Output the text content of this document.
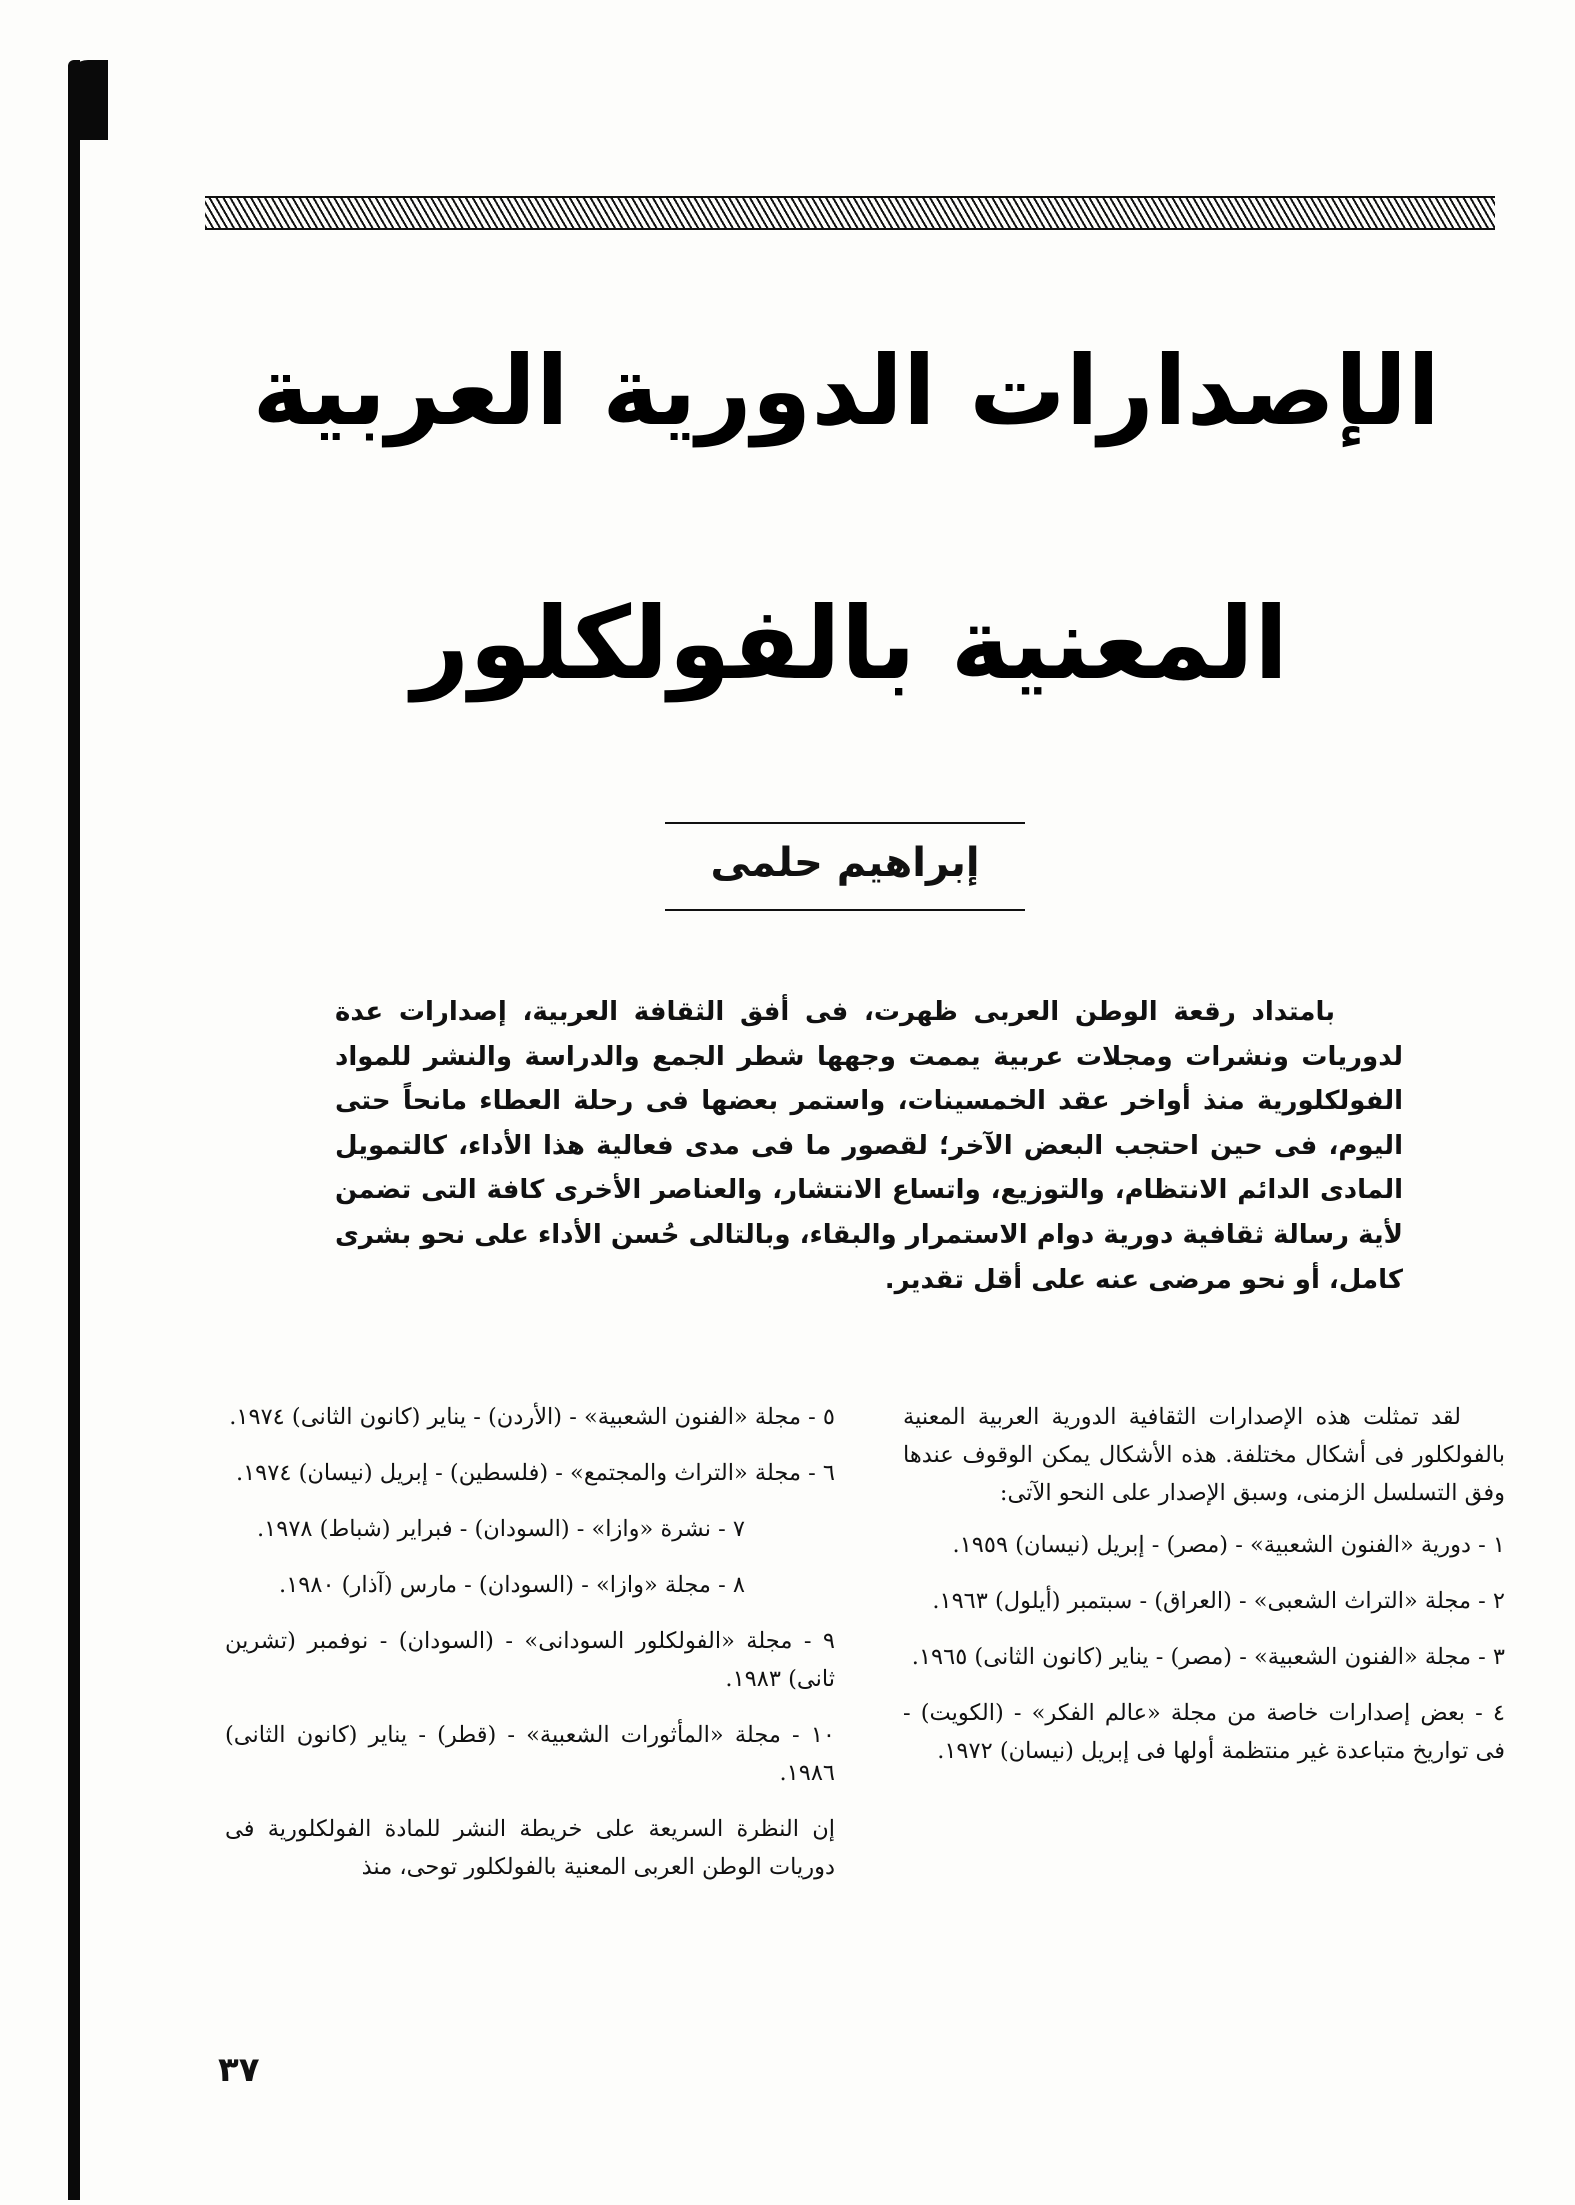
الإصدارات الدورية العربية
المعنية بالفولكلور
إبراهيم حلمى
بامتداد رقعة الوطن العربى ظهرت، فى أفق الثقافة العربية، إصدارات عدة لدوريات ونشرات ومجلات عربية يممت وجهها شطر الجمع والدراسة والنشر للمواد الفولكلورية منذ أواخر عقد الخمسينات، واستمر بعضها فى رحلة العطاء مانحاً حتى اليوم، فى حين احتجب البعض الآخر؛ لقصور ما فى مدى فعالية هذا الأداء، كالتمويل المادى الدائم الانتظام، والتوزيع، واتساع الانتشار، والعناصر الأخرى كافة التى تضمن لأية رسالة ثقافية دورية دوام الاستمرار والبقاء، وبالتالى حُسن الأداء على نحو بشرى كامل، أو نحو مرضى عنه على أقل تقدير.

لقد تمثلت هذه الإصدارات الثقافية الدورية العربية المعنية بالفولكلور فى أشكال مختلفة. هذه الأشكال يمكن الوقوف عندها وفق التسلسل الزمنى، وسبق الإصدار على النحو الآتى:

١ - دورية «الفنون الشعبية» - (مصر) - إبريل (نيسان) ١٩٥٩.

٢ - مجلة «التراث الشعبى» - (العراق) - سبتمبر (أيلول) ١٩٦٣.

٣ - مجلة «الفنون الشعبية» - (مصر) - يناير (كانون الثانى) ١٩٦٥.

٤ - بعض إصدارات خاصة من مجلة «عالم الفكر» - (الكويت) - فى تواريخ متباعدة غير منتظمة أولها فى إبريل (نيسان) ١٩٧٢.

٥ - مجلة «الفنون الشعبية» - (الأردن) - يناير (كانون الثانى) ١٩٧٤.

٦ - مجلة «التراث والمجتمع» - (فلسطين) - إبريل (نيسان) ١٩٧٤.

٧ - نشرة «وازا» - (السودان) - فبراير (شباط) ١٩٧٨.

٨ - مجلة «وازا» - (السودان) - مارس (آذار) ١٩٨٠.

٩ - مجلة «الفولكلور السودانى» - (السودان) - نوفمبر (تشرين ثانى) ١٩٨٣.

١٠ - مجلة «المأثورات الشعبية» - (قطر) - يناير (كانون الثانى) ١٩٨٦.

إن النظرة السريعة على خريطة النشر للمادة الفولكلورية فى دوريات الوطن العربى المعنية بالفولكلور توحى، منذ

٣٧
